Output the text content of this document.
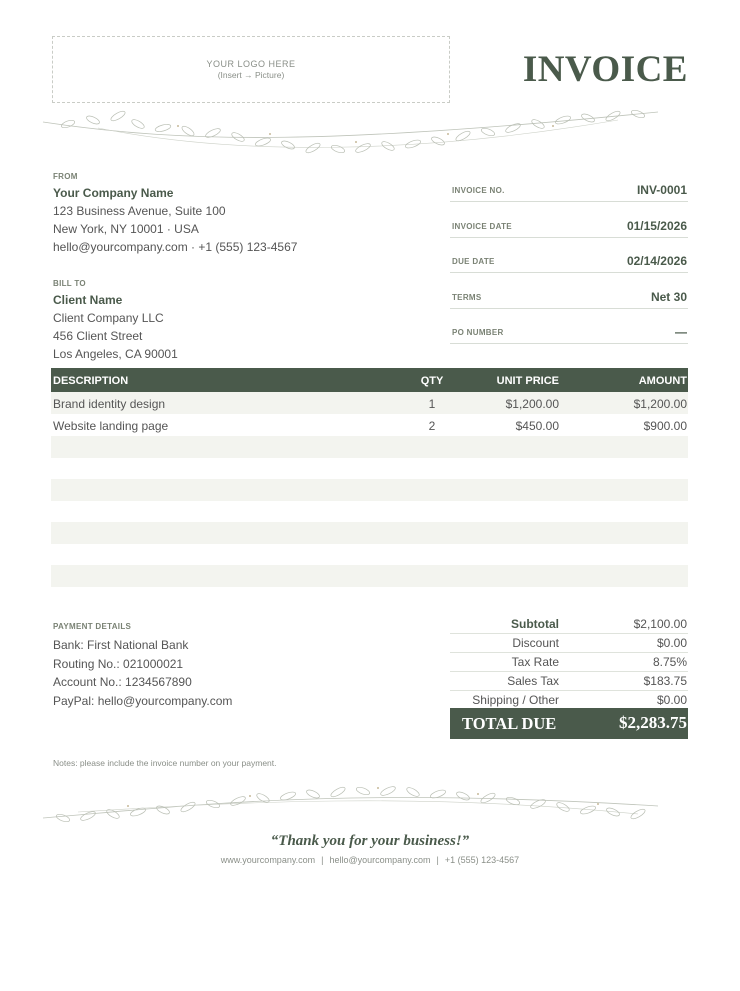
YOUR LOGO HERE
(Insert → Picture)	INVOICE
FROM
Your Company Name
123 Business Avenue, Suite 100
New York, NY 10001 · USA
hello@yourcompany.com · +1 (555) 123-4567
BILL TO
Client Name
Client Company LLC
456 Client Street
Los Angeles, CA 90001
INVOICE NO.	INV-0001
INVOICE DATE	01/15/2026
DUE DATE	02/14/2026
TERMS	Net 30
PO NUMBER	—
DESCRIPTION	QTY	UNIT PRICE	AMOUNT
Brand identity design	1	$1,200.00	$1,200.00
Website landing page	2	$450.00	$900.00
PAYMENT DETAILS
Bank: First National Bank
Routing No.: 021000021
Account No.: 1234567890
PayPal: hello@yourcompany.com
Subtotal	$2,100.00
Discount	$0.00
Tax Rate	8.75%
Sales Tax	$183.75
Shipping / Other	$0.00
TOTAL DUE	$2,283.75
Notes: please include the invoice number on your payment.
“Thank you for your business!”
www.yourcompany.com | hello@yourcompany.com | +1 (555) 123-4567
